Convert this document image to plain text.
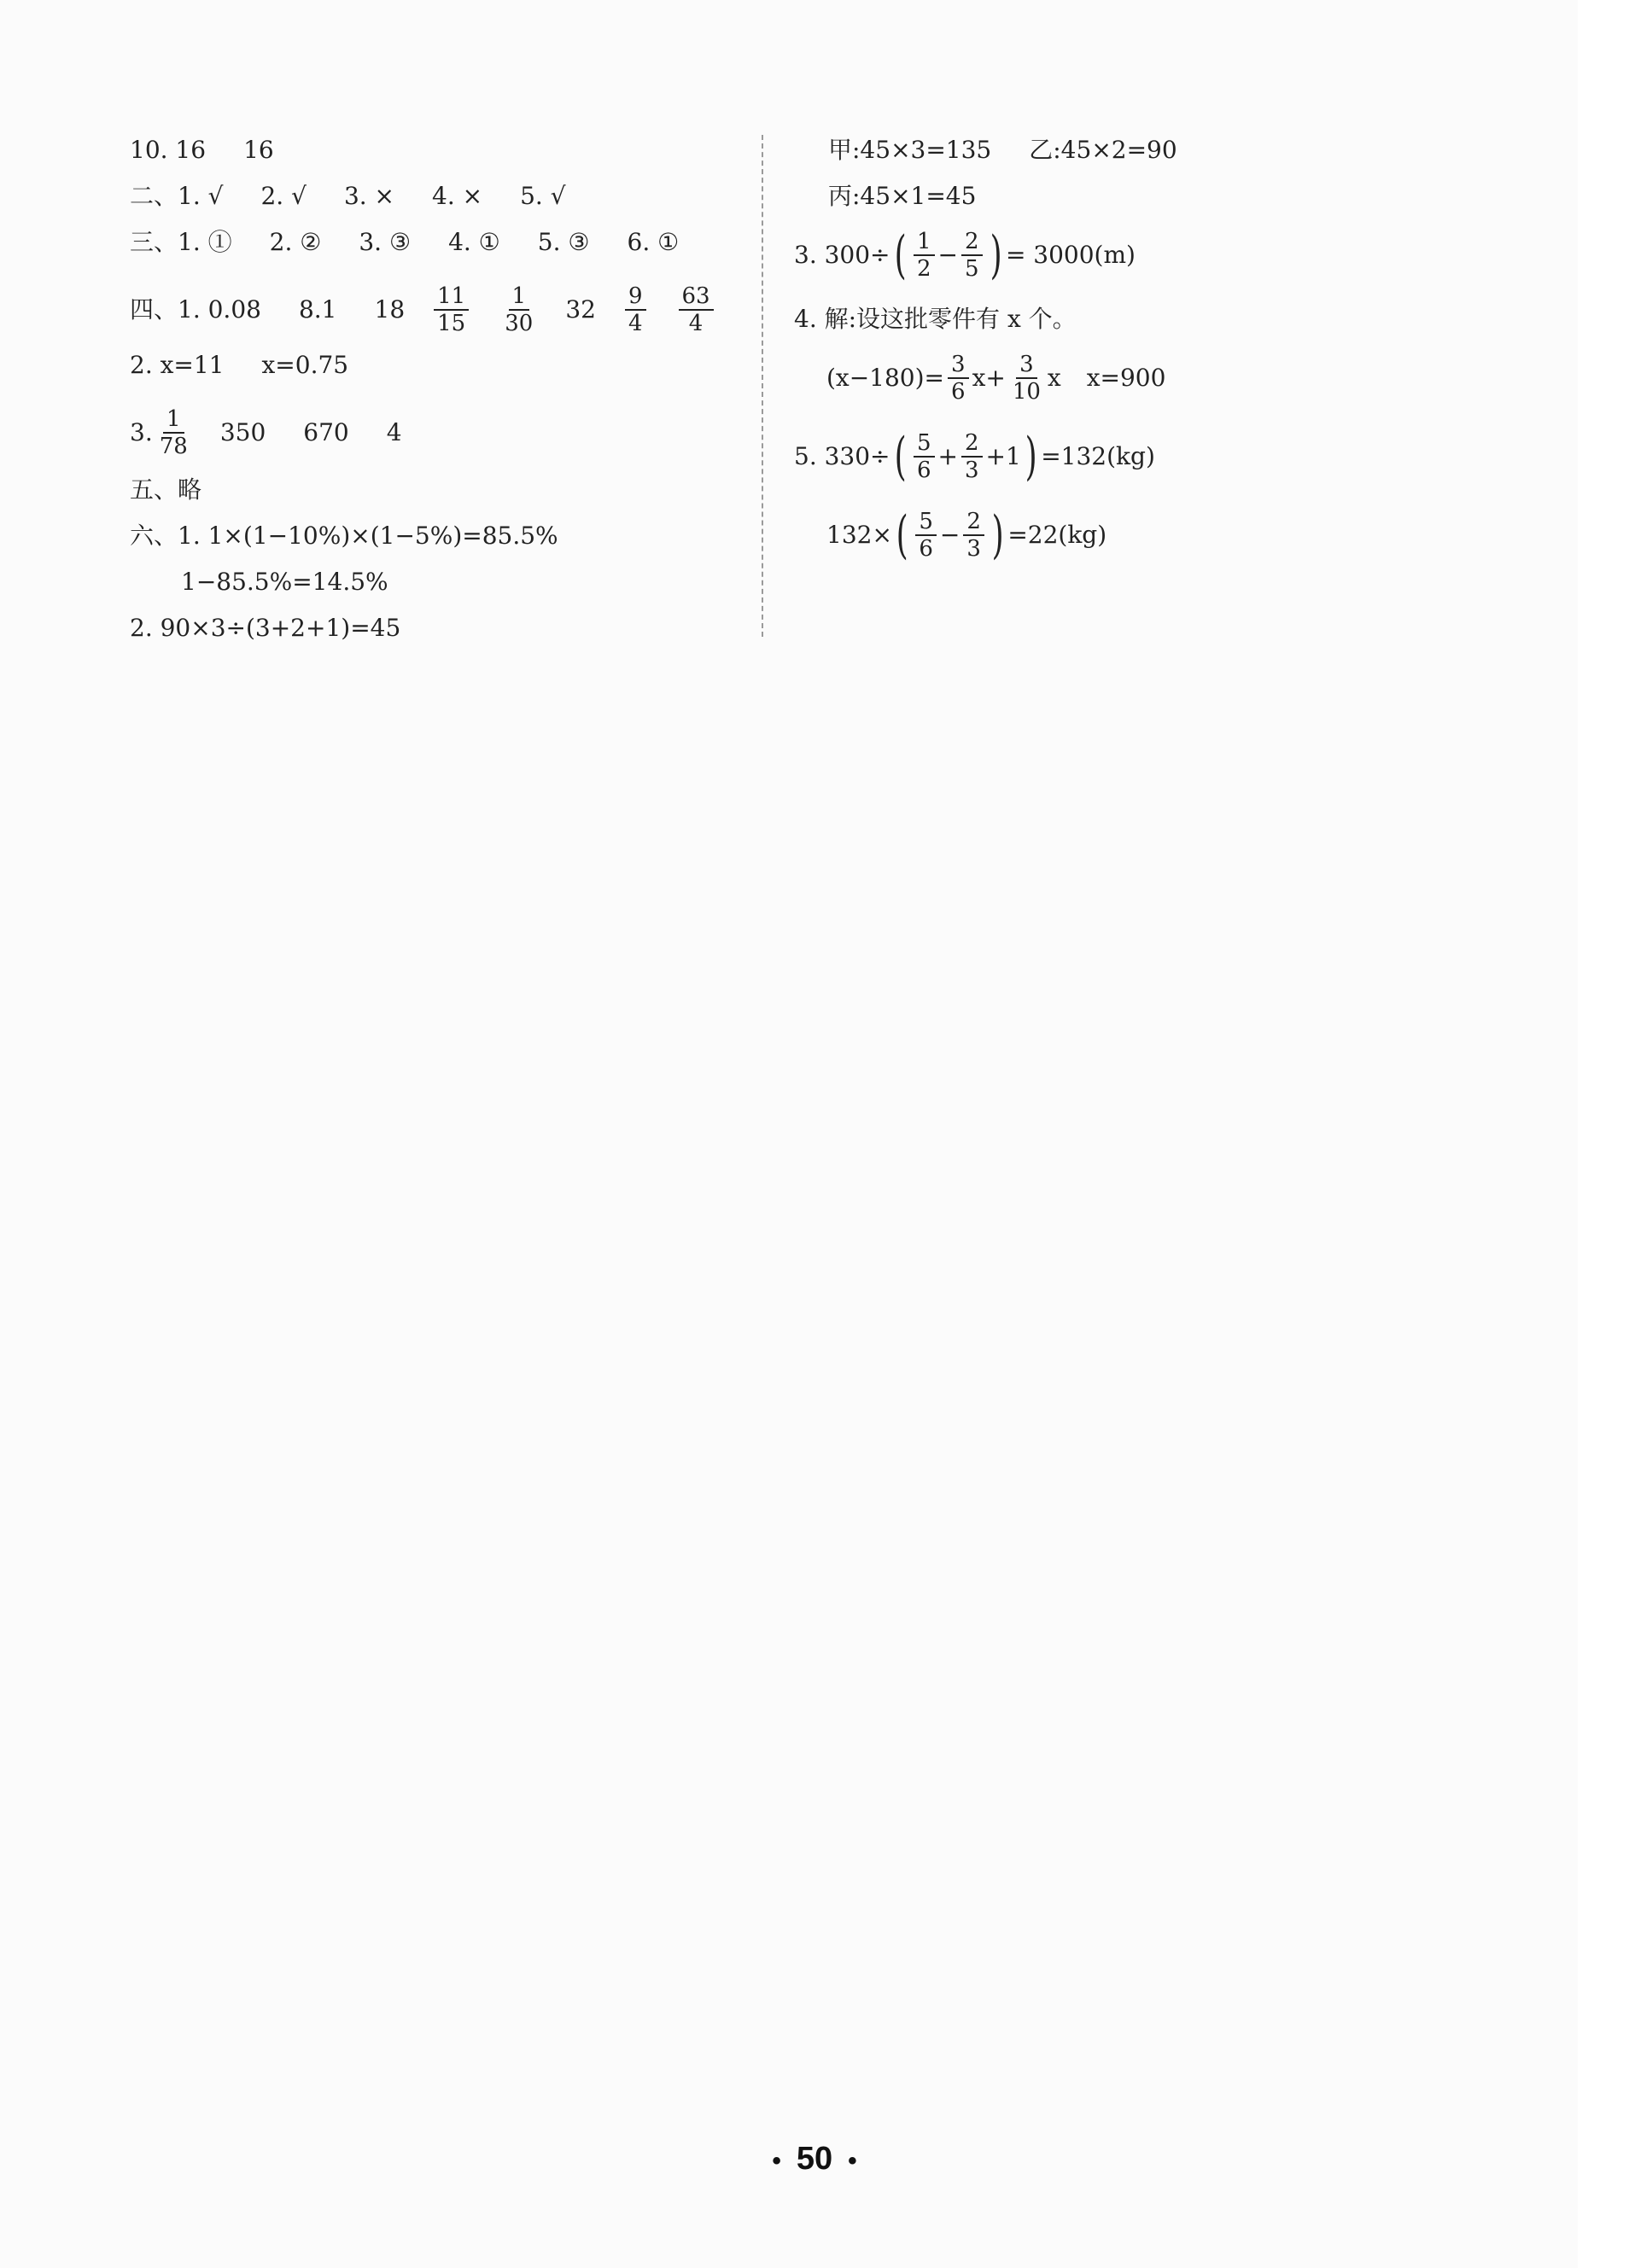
10. 16 16
二、1. √ 2. √ 3. × 4. × 5. √
三、1. ① 2. ② 3. ③ 4. ① 5. ③ 6. ①
四、1. 0.08 8.1 $18 \frac{11}{15} \frac{1}{30} 32 \frac{9}{4} \frac{63}{4}$
2. x=11 x=0.75
3. $\frac{1}{78} 350$ 670 4
五、略
六、1. 1×(1−10%)×(1−5%)=85.5%
1−85.5%=14.5%
2. 90×3÷(3+2+1)=45
甲:45×3=135 乙:45×2=90
丙:45×1=45
3. 300÷ ( $\frac{1}{2} - \frac{2}{5}$ ) = 3000(m)
4. 解:设这批零件有 x 个。
$(x-180)= \frac{3}{6} x+ \frac{3}{10}$ x x=900
5. 330÷ ( $\frac{5}{6} + \frac{2}{3} +1$ ) =132(kg)
132× ( $\frac{5}{6} - \frac{2}{3}$ ) =22(kg)
• 50 •
